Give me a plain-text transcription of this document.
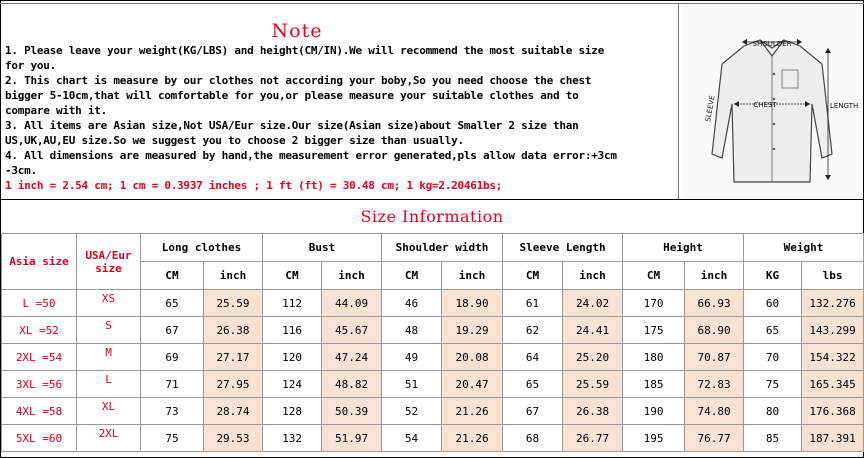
Note

1. Please leave your weight(KG/LBS) and height(CM/IN).We will recommend the most suitable size

for you.

2. This chart is measure by our clothes not according your boby,So you need choose the chest

bigger 5-10cm,that will comfortable for you,or please measure your suitable clothes and to

compare with it.

3. All items are Asian size,Not USA/Eur size.Our size(Asian size)about Smaller 2 size than

US,UK,AU,EU size.So we suggest you to choose 2 bigger size than usually.

4. All dimensions are measured by hand,the measurement error generated,pls allow data error:+3cm

-3cm.

1 inch = 2.54 cm; 1 cm = 0.3937 inches ; 1 ft (ft) = 30.48 cm; 1 kg=2.20461bs;

SHOULDER
CHEST	LENGTH
SLEEVE
Size Information
Asia size	USA/Eur size	Long clothes		Bust		Shoulder width		Sleeve Length		Height		Weight	
		CM	inch	CM	inch	CM	inch	CM	inch	CM	inch	KG	lbs
L =50	XS	65	25.59	112	44.09	46	18.90	61	24.02	170	66.93	60	132.276
XL =52	S	67	26.38	116	45.67	48	19.29	62	24.41	175	68.90	65	143.299
2XL =54	M	69	27.17	120	47.24	49	20.08	64	25.20	180	70.87	70	154.322
3XL =56	L	71	27.95	124	48.82	51	20.47	65	25.59	185	72.83	75	165.345
4XL =58	XL	73	28.74	128	50.39	52	21.26	67	26.38	190	74.80	80	176.368
5XL =60	2XL	75	29.53	132	51.97	54	21.26	68	26.77	195	76.77	85	187.391
